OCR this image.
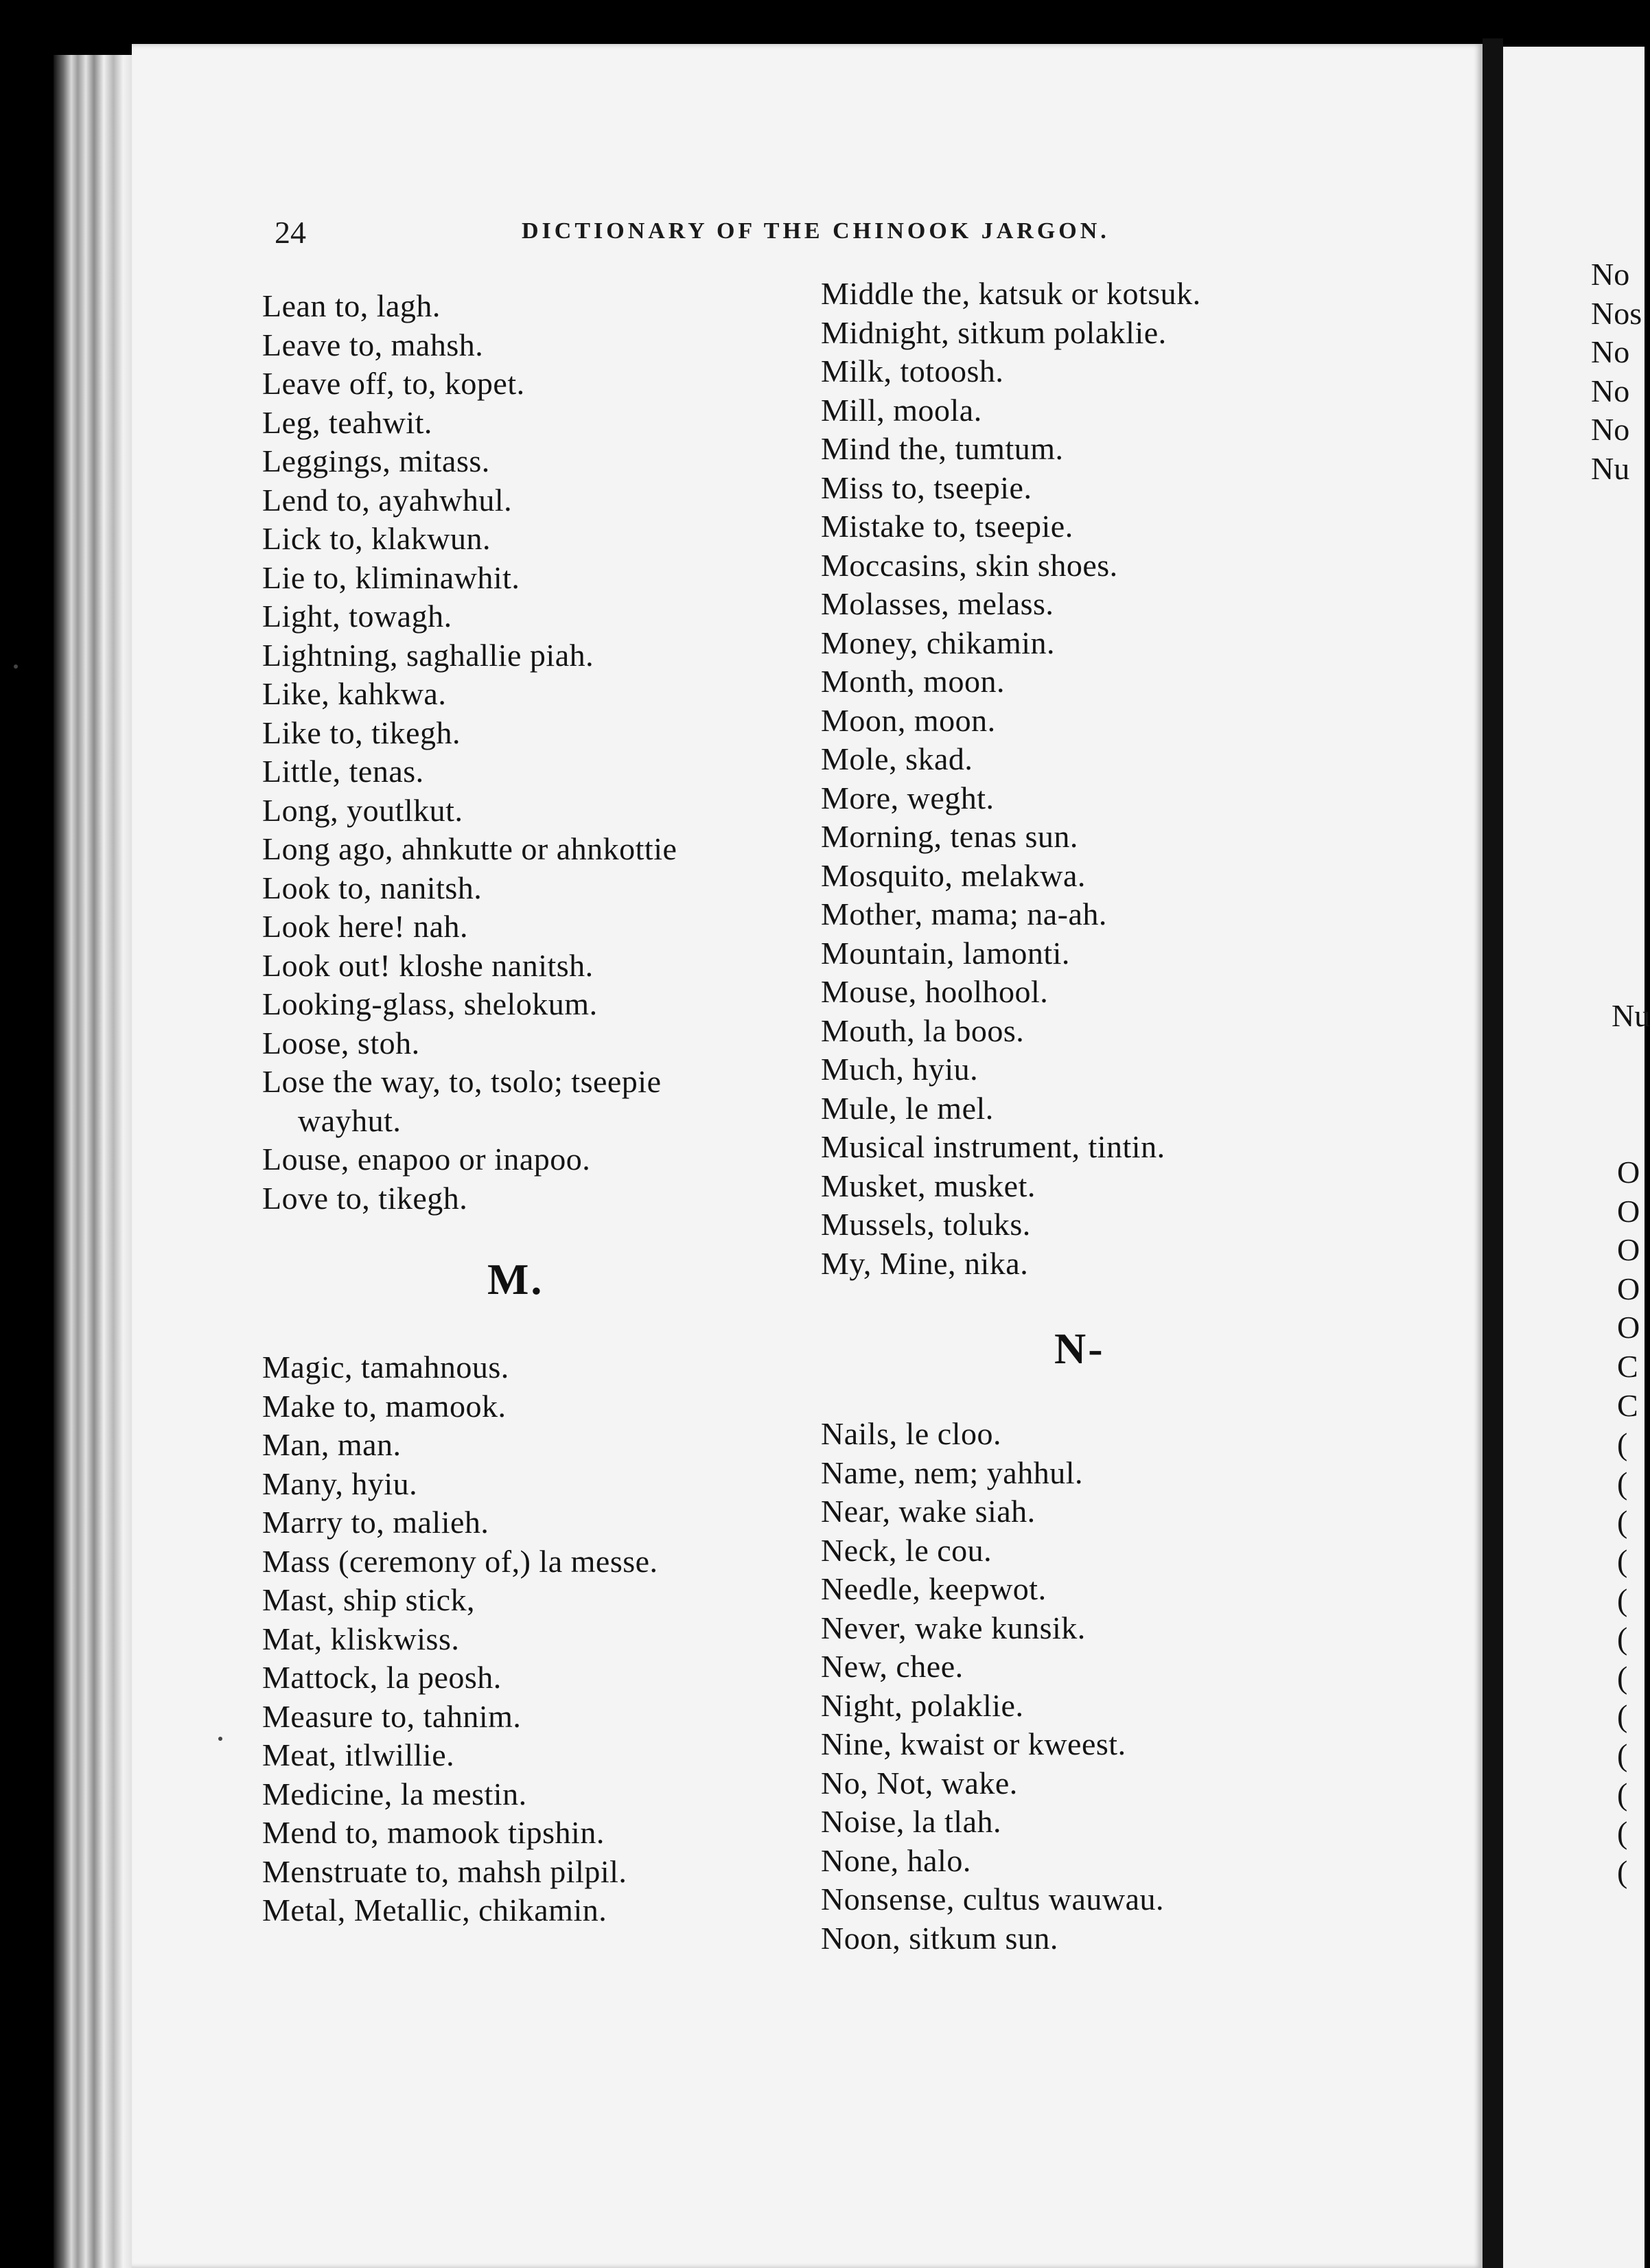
24	DICTIONARY OF THE CHINOOK JARGON.
Lean to, lagh.
Leave to, mahsh.
Leave off, to, kopet.
Leg, teahwit.
Leggings, mitass.
Lend to, ayahwhul.
Lick to, klakwun.
Lie to, kliminawhit.
Light, towagh.
Lightning, saghallie piah.
Like, kahkwa.
Like to, tikegh.
Little, tenas.
Long, youtlkut.
Long ago, ahnkutte or ahnkottie
Look to, nanitsh.
Look here! nah.
Look out! kloshe nanitsh.
Looking-glass, shelokum.
Loose, stoh.
Lose the way, to, tsolo; tseepie
wayhut.
Louse, enapoo or inapoo.
Love to, tikegh.
M.
Magic, tamahnous.
Make to, mamook.
Man, man.
Many, hyiu.
Marry to, malieh.
Mass (ceremony of,) la messe.
Mast, ship stick,
Mat, kliskwiss.
Mattock, la peosh.
Measure to, tahnim.
Meat, itlwillie.
Medicine, la mestin.
Mend to, mamook tipshin.
Menstruate to, mahsh pilpil.
Metal, Metallic, chikamin.
Middle the, katsuk or kotsuk.
Midnight, sitkum polaklie.
Milk, totoosh.
Mill, moola.
Mind the, tumtum.
Miss to, tseepie.
Mistake to, tseepie.
Moccasins, skin shoes.
Molasses, melass.
Money, chikamin.
Month, moon.
Moon, moon.
Mole, skad.
More, weght.
Morning, tenas sun.
Mosquito, melakwa.
Mother, mama; na-ah.
Mountain, lamonti.
Mouse, hoolhool.
Mouth, la boos.
Much, hyiu.
Mule, le mel.
Musical instrument, tintin.
Musket, musket.
Mussels, toluks.
My, Mine, nika.
N-
Nails, le cloo.
Name, nem; yahhul.
Near, wake siah.
Neck, le cou.
Needle, keepwot.
Never, wake kunsik.
New, chee.
Night, polaklie.
Nine, kwaist or kweest.
No, Not, wake.
Noise, la tlah.
None, halo.
Nonsense, cultus wauwau.
Noon, sitkum sun.
No
Nos
No
No
No
Nu
Nu
O
O
O
O
O
C
C
(
(
(
(
(
(
(
(
(
(
(
(
